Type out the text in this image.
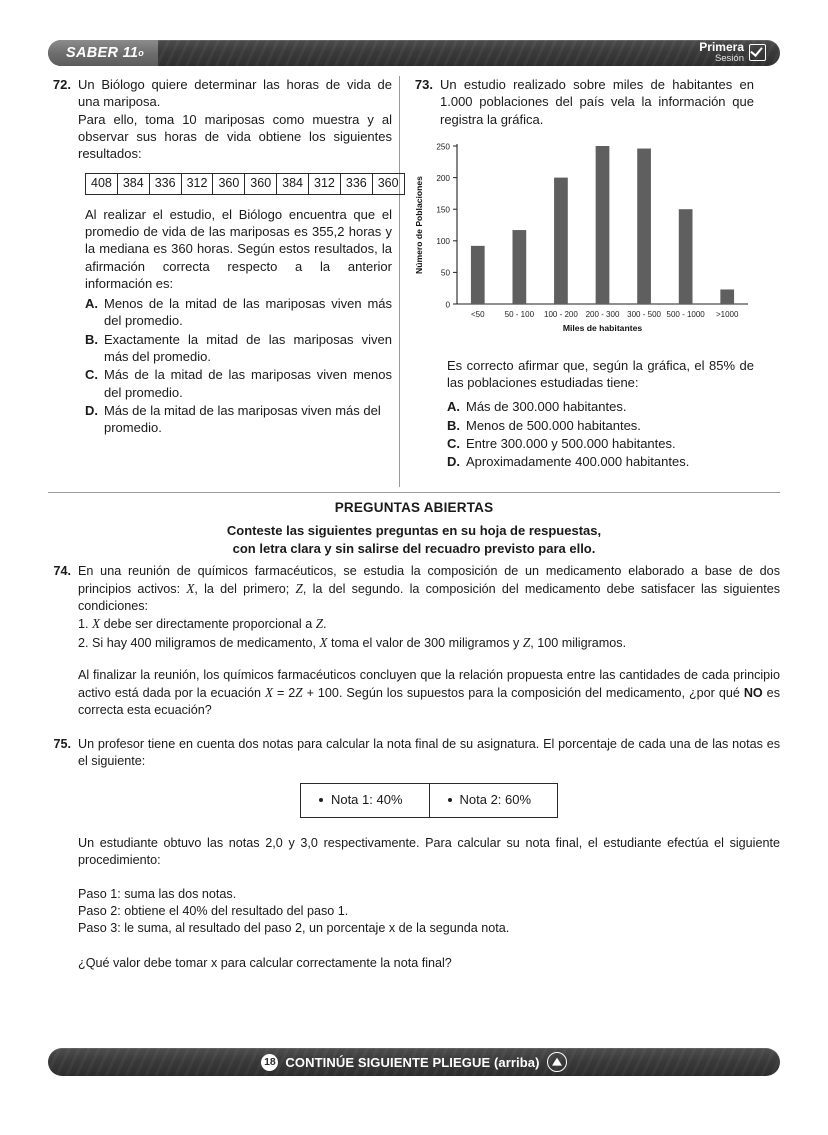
SABER 11 o	Primera
Sesión
72. Un Biólogo quiere determinar las horas de vida de una mariposa.

Para ello, toma 10 mariposas como muestra y al observar sus horas de vida obtiene los siguientes resultados:

408	384	336	312	360	360	384	312	336	360

Al realizar el estudio, el Biólogo encuentra que el promedio de vida de las mariposas es 355,2 horas y la mediana es 360 horas. Según estos resultados, la afirmación correcta respecto a la anterior información es:

A. Menos de la mitad de las mariposas viven más del promedio.
B. Exactamente la mitad de las mariposas viven más del promedio.
C. Más de la mitad de las mariposas viven menos del promedio.
D. Más de la mitad de las mariposas viven más del promedio.
73. Un estudio realizado sobre miles de habitantes en 1.000 poblaciones del país vela la información que registra la gráfica.

0
50
100
150
200
250
<50	50 - 100 100 - 200 200 - 300 300 - 500 500 - 1000 >1000
Miles de habitantes
Número de Poblaciones

Es correcto afirmar que, según la gráfica, el 85% de las poblaciones estudiadas tiene:

A. Más de 300.000 habitantes.
B. Menos de 500.000 habitantes.
C. Entre 300.000 y 500.000 habitantes.
D. Aproximadamente 400.000 habitantes.
PREGUNTAS ABIERTAS
Conteste las siguientes preguntas en su hoja de respuestas,
con letra clara y sin salirse del recuadro previsto para ello.
74. En una reunión de químicos farmacéuticos, se estudia la composición de un medicamento elaborado a base de dos principios activos: X, la del primero; Z, la del segundo. la composición del medicamento debe satisfacer las siguientes condiciones:

1. X debe ser directamente proporcional a Z.

2. Si hay 400 miligramos de medicamento, X toma el valor de 300 miligramos y Z, 100 miligramos.

Al finalizar la reunión, los químicos farmacéuticos concluyen que la relación propuesta entre las cantidades de cada principio activo está dada por la ecuación X = 2Z + 100. Según los supuestos para la composición del medicamento, ¿por qué NO es correcta esta ecuación?

75. Un profesor tiene en cuenta dos notas para calcular la nota final de su asignatura. El porcentaje de cada una de las notas es el siguiente:

Nota 1: 40%	Nota 2: 60%

Un estudiante obtuvo las notas 2,0 y 3,0 respectivamente. Para calcular su nota final, el estudiante efectúa el siguiente procedimiento:

Paso 1: suma las dos notas.

Paso 2: obtiene el 40% del resultado del paso 1.

Paso 3: le suma, al resultado del paso 2, un porcentaje x de la segunda nota.

¿Qué valor debe tomar x para calcular correctamente la nota final?

18 CONTINÚE SIGUIENTE PLIEGUE (arriba)
